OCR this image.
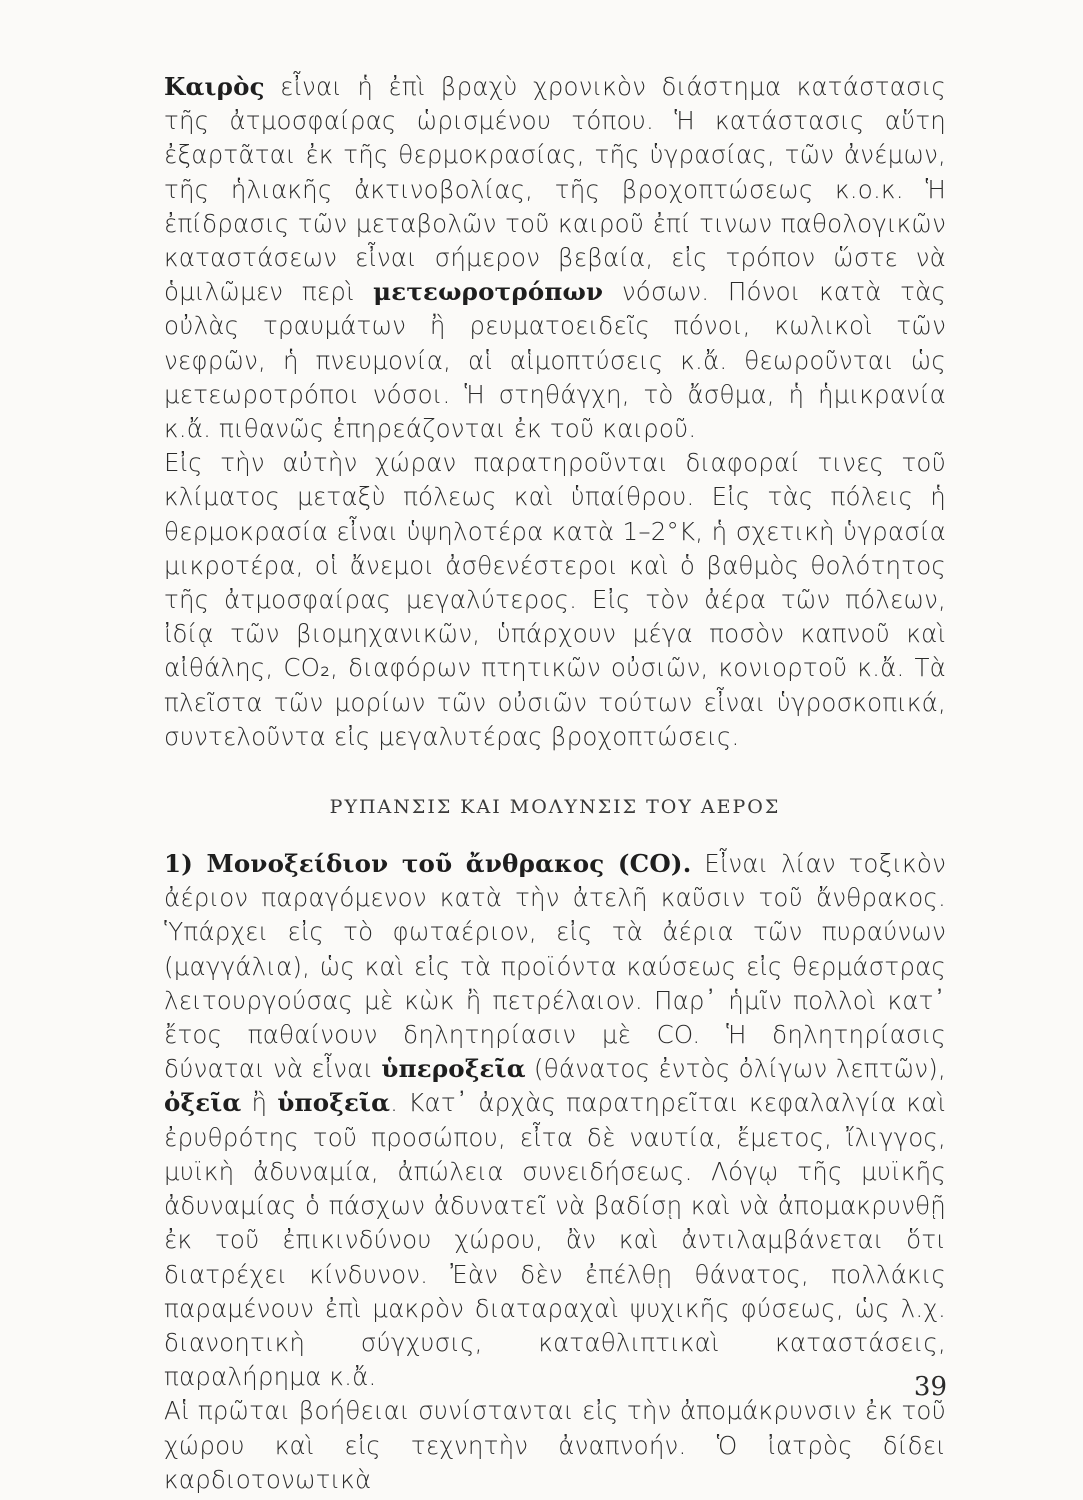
Καιρὸς εἶναι ἡ ἐπὶ βραχὺ χρονικὸν διάστημα κατάστασις τῆς ἀτμοσφαίρας ὡρισμένου τόπου. Ἡ κατάστασις αὕτη ἐξαρτᾶται ἐκ τῆς θερμοκρασίας, τῆς ὑγρασίας, τῶν ἀνέμων, τῆς ἡλιακῆς ἀκτινοβολίας, τῆς βροχοπτώσεως κ.ο.κ. Ἡ ἐπίδρασις τῶν μεταβολῶν τοῦ καιροῦ ἐπί τινων παθολογικῶν καταστάσεων εἶναι σήμερον βεβαία, εἰς τρόπον ὥστε νὰ ὁμιλῶμεν περὶ μετεωροτρόπων νόσων. Πόνοι κατὰ τὰς οὐλὰς τραυμάτων ἢ ρευματοειδεῖς πόνοι, κωλικοὶ τῶν νεφρῶν, ἡ πνευμονία, αἱ αἱμοπτύσεις κ.ἄ. θεωροῦνται ὡς μετεωροτρόποι νόσοι. Ἡ στηθάγχη, τὸ ἄσθμα, ἡ ἡμικρανία κ.ἄ. πιθανῶς ἐπηρεάζονται ἐκ τοῦ καιροῦ.

Εἰς τὴν αὐτὴν χώραν παρατηροῦνται διαφοραί τινες τοῦ κλίματος μεταξὺ πόλεως καὶ ὑπαίθρου. Εἰς τὰς πόλεις ἡ θερμοκρασία εἶναι ὑψηλοτέρα κατὰ 1–2°Κ, ἡ σχετικὴ ὑγρασία μικροτέρα, οἱ ἄνεμοι ἀσθενέστεροι καὶ ὁ βαθμὸς θολότητος τῆς ἀτμοσφαίρας μεγαλύτερος. Εἰς τὸν ἀέρα τῶν πόλεων, ἰδίᾳ τῶν βιομηχανικῶν, ὑπάρχουν μέγα ποσὸν καπνοῦ καὶ αἰθάλης, CO₂, διαφόρων πτητικῶν οὐσιῶν, κονιορτοῦ κ.ἄ. Τὰ πλεῖστα τῶν μορίων τῶν οὐσιῶν τούτων εἶναι ὑγροσκοπικά, συντελοῦντα εἰς μεγαλυτέρας βροχοπτώσεις.

ΡΥΠΑΝΣΙΣ ΚΑΙ ΜΟΛΥΝΣΙΣ ΤΟΥ ΑΕΡΟΣ

1) Μονοξείδιον τοῦ ἄνθρακος (CO). Εἶναι λίαν τοξικὸν ἀέριον παραγόμενον κατὰ τὴν ἀτελῆ καῦσιν τοῦ ἄνθρακος. Ὑπάρχει εἰς τὸ φωταέριον, εἰς τὰ ἀέρια τῶν πυραύνων (μαγγάλια), ὡς καὶ εἰς τὰ προϊόντα καύσεως εἰς θερμάστρας λειτουργούσας μὲ κὼκ ἢ πετρέλαιον. Παρ᾿ ἡμῖν πολλοὶ κατ᾿ ἔτος παθαίνουν δηλητηρίασιν μὲ CO. Ἡ δηλητηρίασις δύναται νὰ εἶναι ὑπεροξεῖα (θάνατος ἐντὸς ὀλίγων λεπτῶν), ὀξεῖα ἢ ὑποξεῖα. Κατ᾿ ἀρχὰς παρατηρεῖται κεφαλαλγία καὶ ἐρυθρότης τοῦ προσώπου, εἶτα δὲ ναυτία, ἔμετος, ἴλιγγος, μυϊκὴ ἀδυναμία, ἀπώλεια συνειδήσεως. Λόγῳ τῆς μυϊκῆς ἀδυναμίας ὁ πάσχων ἀδυνατεῖ νὰ βαδίσῃ καὶ νὰ ἀπομακρυνθῇ ἐκ τοῦ ἐπικινδύνου χώρου, ἂν καὶ ἀντιλαμβάνεται ὅτι διατρέχει κίνδυνον. Ἐὰν δὲν ἐπέλθῃ θάνατος, πολλάκις παραμένουν ἐπὶ μακρὸν διαταραχαὶ ψυχικῆς φύσεως, ὡς λ.χ. διανοητικὴ σύγχυσις, καταθλιπτικαὶ καταστάσεις, παραλήρημα κ.ἄ.

Αἱ πρῶται βοήθειαι συνίστανται εἰς τὴν ἀπομάκρυνσιν ἐκ τοῦ χώρου καὶ εἰς τεχνητὴν ἀναπνοήν. Ὁ ἰατρὸς δίδει καρδιοτονωτικὰ

39
